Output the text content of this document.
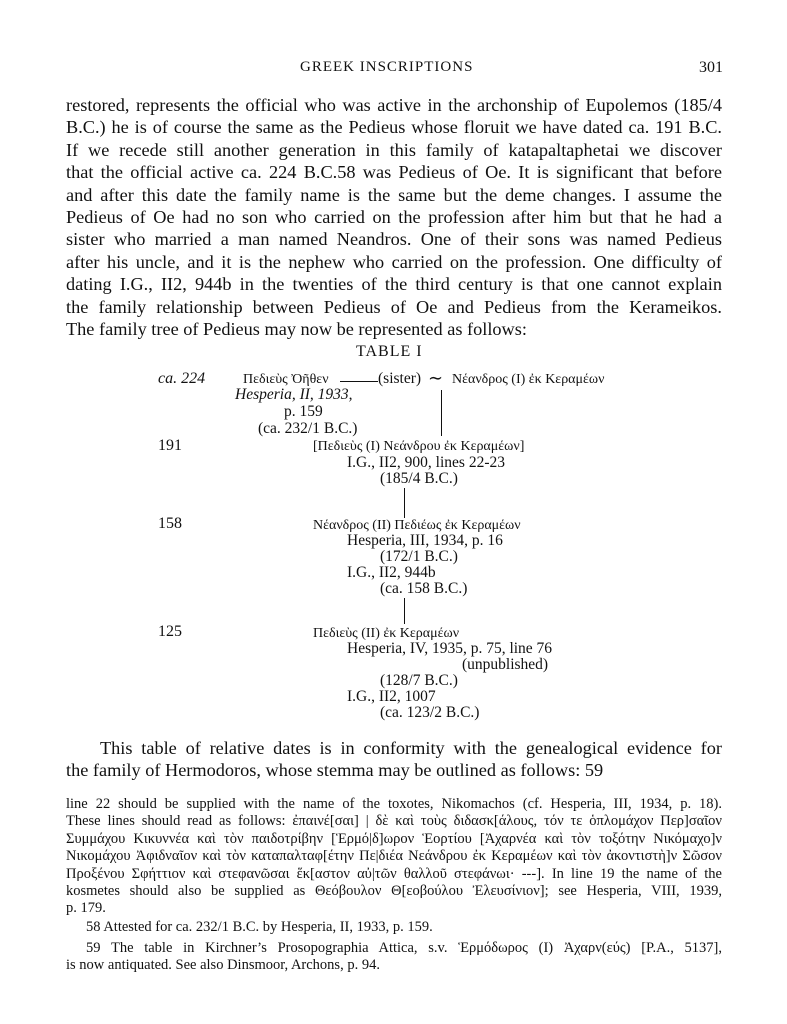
GREEK INSCRIPTIONS	301
restored, represents the official who was active in the archonship of Eupolemos (185/4
B.C.) he is of course the same as the Pedieus whose floruit we have dated ca. 191 B.C.
If we recede still another generation in this family of katapaltaphetai we discover
that the official active ca. 224 B.C.58 was Pedieus of Oe. It is significant that before
and after this date the family name is the same but the deme changes. I assume the
Pedieus of Oe had no son who carried on the profession after him but that he had a
sister who married a man named Neandros. One of their sons was named Pedieus
after his uncle, and it is the nephew who carried on the profession. One difficulty of
dating I.G., II2, 944b in the twenties of the third century is that one cannot explain
the family relationship between Pedieus of Oe and Pedieus from the Kerameikos.
The family tree of Pedieus may now be represented as follows:
TABLE I
ca. 224	Πεδιεὺς Ὀῆθεν	(sister) ∼ Νέανδρος (I) ἐκ Κεραμέων
Hesperia, II, 1933,
p. 159
(ca. 232/1 B.C.)
191	[Πεδιεὺς (I) Νεάνδρου ἐκ Κεραμέων]
I.G., II2, 900, lines 22-23
(185/4 B.C.)
158	Νέανδρος (II) Πεδιέως ἐκ Κεραμέων
Hesperia, III, 1934, p. 16
(172/1 B.C.)
I.G., II2, 944b
(ca. 158 B.C.)
125	Πεδιεὺς (II) ἐκ Κεραμέων
Hesperia, IV, 1935, p. 75, line 76
(unpublished)
(128/7 B.C.)
I.G., II2, 1007
(ca. 123/2 B.C.)
This table of relative dates is in conformity with the genealogical evidence for
the family of Hermodoros, whose stemma may be outlined as follows: 59
line 22 should be supplied with the name of the toxotes, Nikomachos (cf. Hesperia, III, 1934, p. 18).
These lines should read as follows: ἐπαινέ[σαι] | δὲ καὶ τοὺς διδασκ[άλους, τόν τε ὁπλομάχον Περ]σαῖον
Συμμάχου Κικυννέα καὶ τὸν παιδοτρίβην [Ἑρμό|δ]ωρον Ἑορτίου [Ἀχαρνέα καὶ τὸν τοξότην Νικόμαχο]ν
Νικομάχου Ἀφιδναῖον καὶ τὸν καταπαλταφ[έτην Πε|διέα Νεάνδρου ἐκ Κεραμέων καὶ τὸν ἀκοντιστὴ]ν Σῶσον
Προξένου Σφήττιον καὶ στεφανῶσαι ἕκ[αστον αὐ|τῶν θαλλοῦ στεφάνωι· ---]. In line 19 the name of the
kosmetes should also be supplied as Θεόβουλον Θ[εοβούλου Ἐλευσίνιον]; see Hesperia, VIII, 1939,
p. 179.
58 Attested for ca. 232/1 B.C. by Hesperia, II, 1933, p. 159.
59 The table in Kirchner’s Prosopographia Attica, s.v. Ἑρμόδωρος (I) Ἀχαρν(εύς) [P.A., 5137],
is now antiquated. See also Dinsmoor, Archons, p. 94.
